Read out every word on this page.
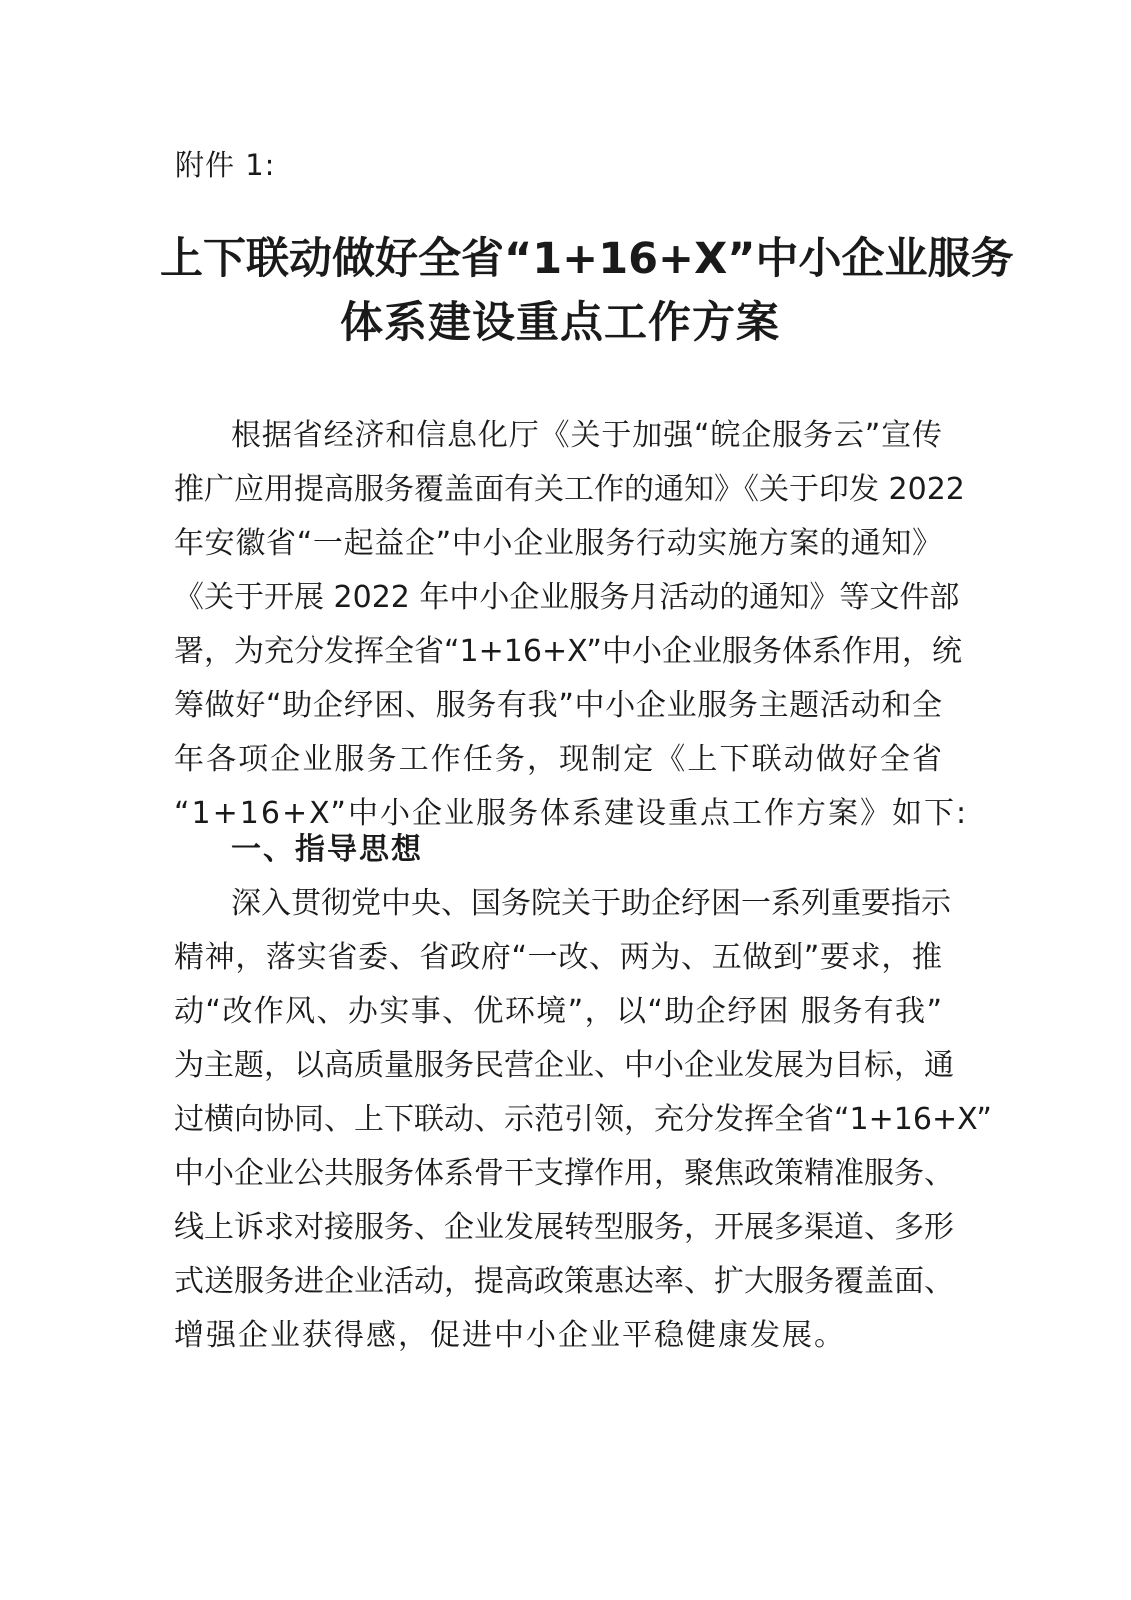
附件 1:
上下联动做好全省“1+16+X”中小企业服务
体系建设重点工作方案
根据省经济和信息化厅《关于加强“皖企服务云”宣传
推广应用提高服务覆盖面有关工作的通知》《关于印发 2022
年安徽省“一起益企”中小企业服务行动实施方案的通知》
《关于开展 2022 年中小企业服务月活动的通知》等文件部
署，为充分发挥全省“1+16+X”中小企业服务体系作用，统
筹做好“助企纾困、服务有我”中小企业服务主题活动和全
年各项企业服务工作任务，现制定《上下联动做好全省
“1+16+X”中小企业服务体系建设重点工作方案》如下:
一、指导思想
深入贯彻党中央、国务院关于助企纾困一系列重要指示
精神，落实省委、省政府“一改、两为、五做到”要求，推
动“改作风、办实事、优环境”，以“助企纾困 服务有我”
为主题，以高质量服务民营企业、中小企业发展为目标，通
过横向协同、上下联动、示范引领，充分发挥全省“1+16+X”
中小企业公共服务体系骨干支撑作用，聚焦政策精准服务、
线上诉求对接服务、企业发展转型服务，开展多渠道、多形
式送服务进企业活动，提高政策惠达率、扩大服务覆盖面、
增强企业获得感，促进中小企业平稳健康发展。
